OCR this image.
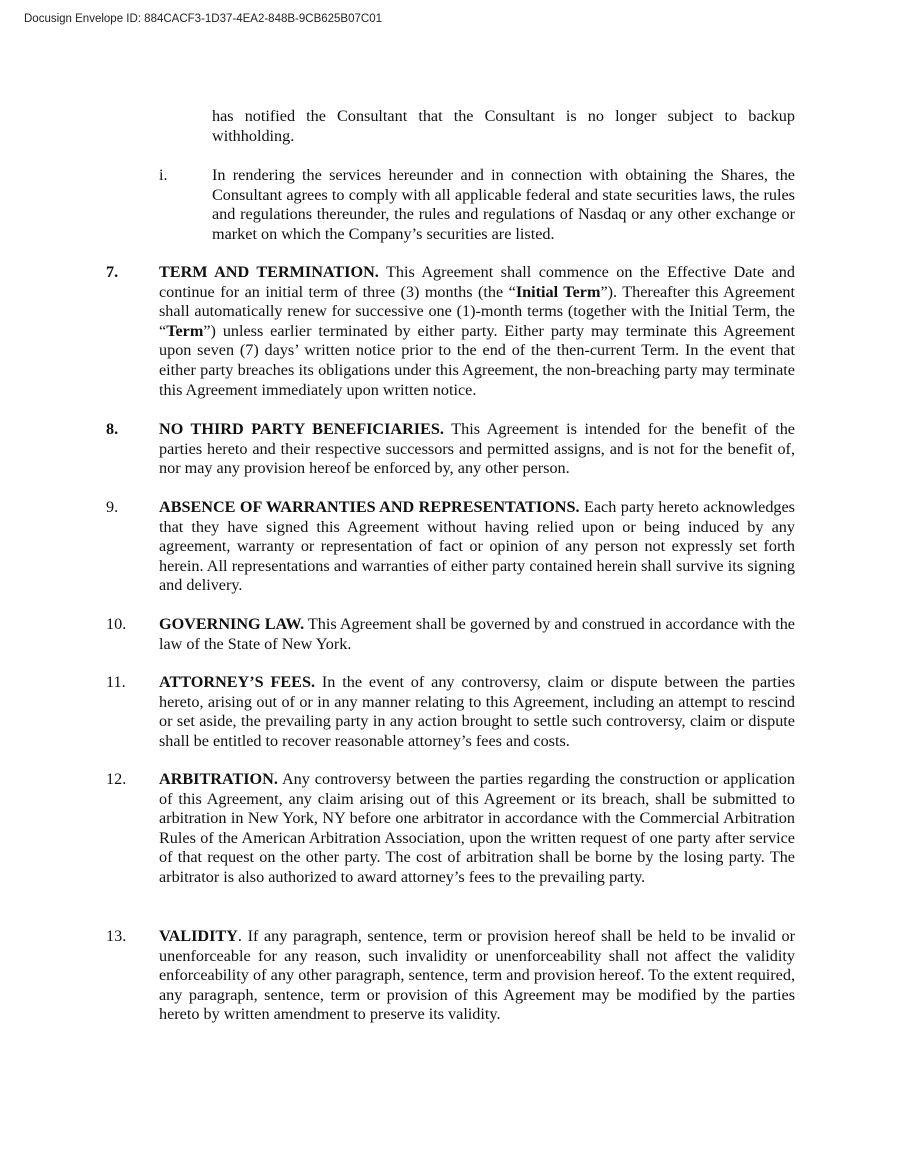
Docusign Envelope ID: 884CACF3-1D37-4EA2-848B-9CB625B07C01
has notified the Consultant that the Consultant is no longer subject to backup withholding.
i.	In rendering the services hereunder and in connection with obtaining the Shares, the Consultant agrees to comply with all applicable federal and state securities laws, the rules and regulations thereunder, the rules and regulations of Nasdaq or any other exchange or market on which the Company’s securities are listed.
7.	TERM AND TERMINATION. This Agreement shall commence on the Effective Date and continue for an initial term of three (3) months (the “Initial Term”). Thereafter this Agreement shall automatically renew for successive one (1)-month terms (together with the Initial Term, the “Term”) unless earlier terminated by either party. Either party may terminate this Agreement upon seven (7) days’ written notice prior to the end of the then-current Term. In the event that either party breaches its obligations under this Agreement, the non-breaching party may terminate this Agreement immediately upon written notice.
8.	NO THIRD PARTY BENEFICIARIES. This Agreement is intended for the benefit of the parties hereto and their respective successors and permitted assigns, and is not for the benefit of, nor may any provision hereof be enforced by, any other person.
9.	ABSENCE OF WARRANTIES AND REPRESENTATIONS. Each party hereto acknowledges that they have signed this Agreement without having relied upon or being induced by any agreement, warranty or representation of fact or opinion of any person not expressly set forth herein. All representations and warranties of either party contained herein shall survive its signing and delivery.
10. GOVERNING LAW. This Agreement shall be governed by and construed in accordance with the law of the State of New York.
11. ATTORNEY’S FEES. In the event of any controversy, claim or dispute between the parties hereto, arising out of or in any manner relating to this Agreement, including an attempt to rescind or set aside, the prevailing party in any action brought to settle such controversy, claim or dispute shall be entitled to recover reasonable attorney’s fees and costs.
12. ARBITRATION. Any controversy between the parties regarding the construction or application of this Agreement, any claim arising out of this Agreement or its breach, shall be submitted to arbitration in New York, NY before one arbitrator in accordance with the Commercial Arbitration Rules of the American Arbitration Association, upon the written request of one party after service of that request on the other party. The cost of arbitration shall be borne by the losing party. The arbitrator is also authorized to award attorney’s fees to the prevailing party.
13. VALIDITY. If any paragraph, sentence, term or provision hereof shall be held to be invalid or unenforceable for any reason, such invalidity or unenforceability shall not affect the validity enforceability of any other paragraph, sentence, term and provision hereof. To the extent required, any paragraph, sentence, term or provision of this Agreement may be modified by the parties hereto by written amendment to preserve its validity.
